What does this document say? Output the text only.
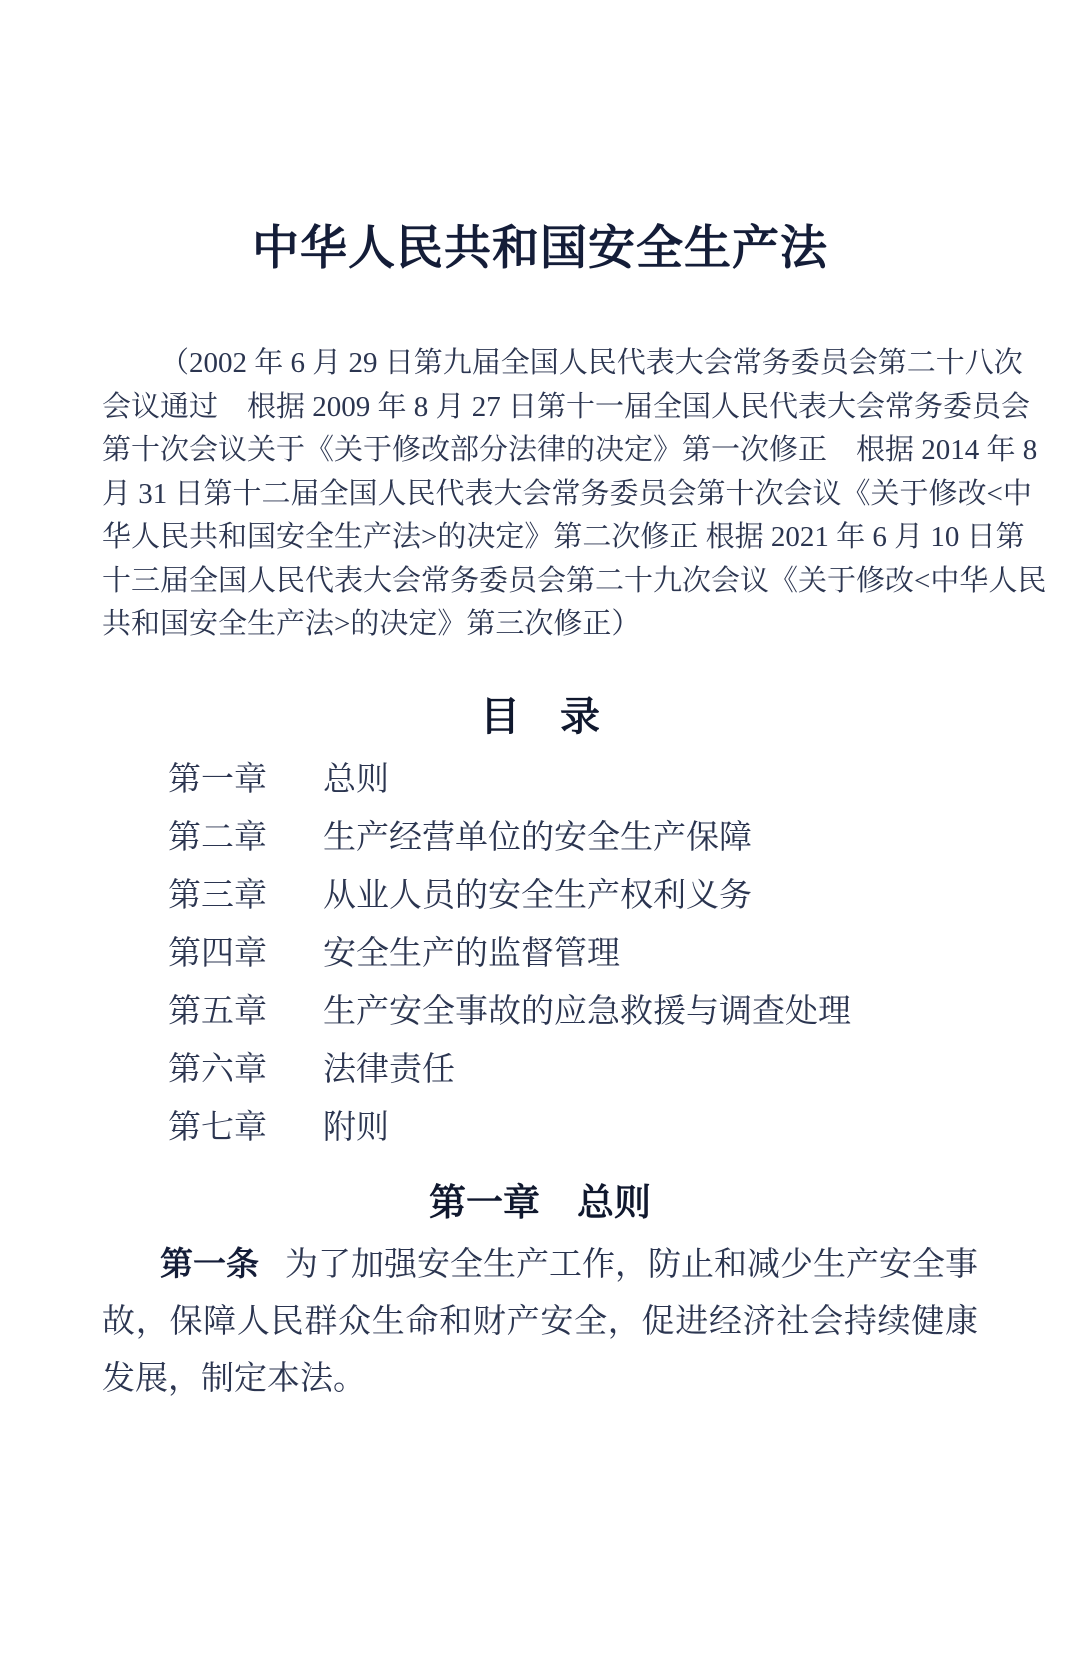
中华人民共和国安全生产法
（2002 年 6 月 29 日第九届全国人民代表大会常务委员会第二十八次
会议通过　根据 2009 年 8 月 27 日第十一届全国人民代表大会常务委员会
第十次会议关于《关于修改部分法律的决定》第一次修正　根据 2014 年 8
月 31 日第十二届全国人民代表大会常务委员会第十次会议《关于修改<中
华人民共和国安全生产法>的决定》第二次修正 根据 2021 年 6 月 10 日第
十三届全国人民代表大会常务委员会第二十九次会议《关于修改<中华人民
共和国安全生产法>的决定》第三次修正）
目　录
第一章 总则
第二章 生产经营单位的安全生产保障
第三章 从业人员的安全生产权利义务
第四章 安全生产的监督管理
第五章 生产安全事故的应急救援与调查处理
第六章 法律责任
第七章 附则
第一章　总则

第一条 为了加强安全生产工作，防止和减少生产安全事故，保障人民群众生命和财产安全，促进经济社会持续健康发展，制定本法。
